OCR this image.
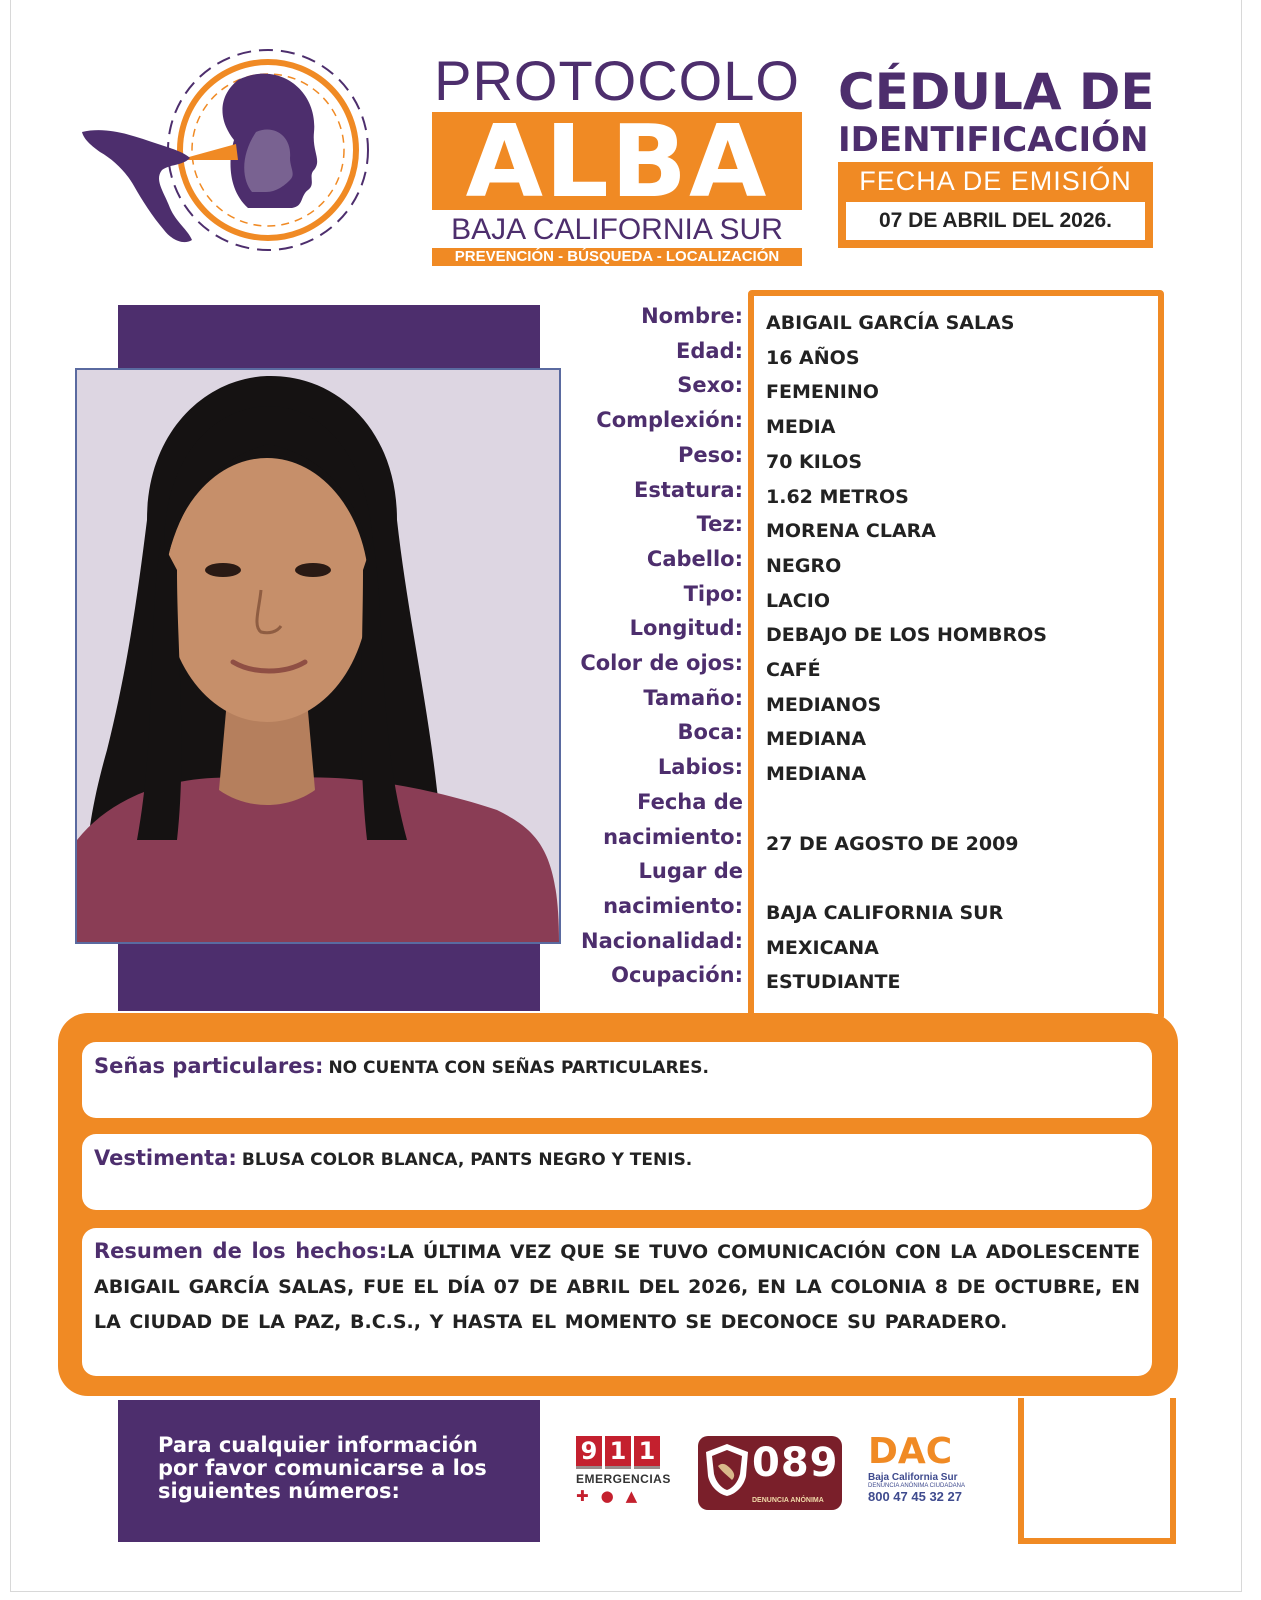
PROTOCOLO
ALBA
BAJA CALIFORNIA SUR
PREVENCIÓN - BÚSQUEDA - LOCALIZACIÓN
CÉDULA DE
IDENTIFICACIÓN
FECHA DE EMISIÓN
07 DE ABRIL DEL 2026.
Nombre: ABIGAIL GARCÍA SALAS
Edad: 16 AÑOS
Sexo: FEMENINO
Complexión: MEDIA
Peso: 70 KILOS
Estatura: 1.62 METROS
Tez: MORENA CLARA
Cabello: NEGRO
Tipo: LACIO
Longitud: DEBAJO DE LOS HOMBROS
Color de ojos: CAFÉ
Tamaño: MEDIANOS
Boca: MEDIANA
Labios: MEDIANA
Fecha de
nacimiento: 27 DE AGOSTO DE 2009
Lugar de
nacimiento: BAJA CALIFORNIA SUR
Nacionalidad: MEXICANA
Ocupación: ESTUDIANTE
Señas particulares: NO CUENTA CON SEÑAS PARTICULARES.
Vestimenta: BLUSA COLOR BLANCA, PANTS NEGRO Y TENIS.
Resumen de los hechos:LA ÚLTIMA VEZ QUE SE TUVO COMUNICACIÓN CON LA ADOLESCENTE ABIGAIL GARCÍA SALAS, FUE EL DÍA 07 DE ABRIL DEL 2026, EN LA COLONIA 8 DE OCTUBRE, EN LA CIUDAD DE LA PAZ, B.C.S., Y HASTA EL MOMENTO SE DECONOCE SU PARADERO.
Para cualquier información por favor comunicarse a los siguientes números:
9 1 1
EMERGENCIAS
✚●▲
089
DENUNCIA ANÓNIMA
DAC
Baja California Sur
DENUNCIA ANÓNIMA CIUDADANA
800 47 45 32 27
